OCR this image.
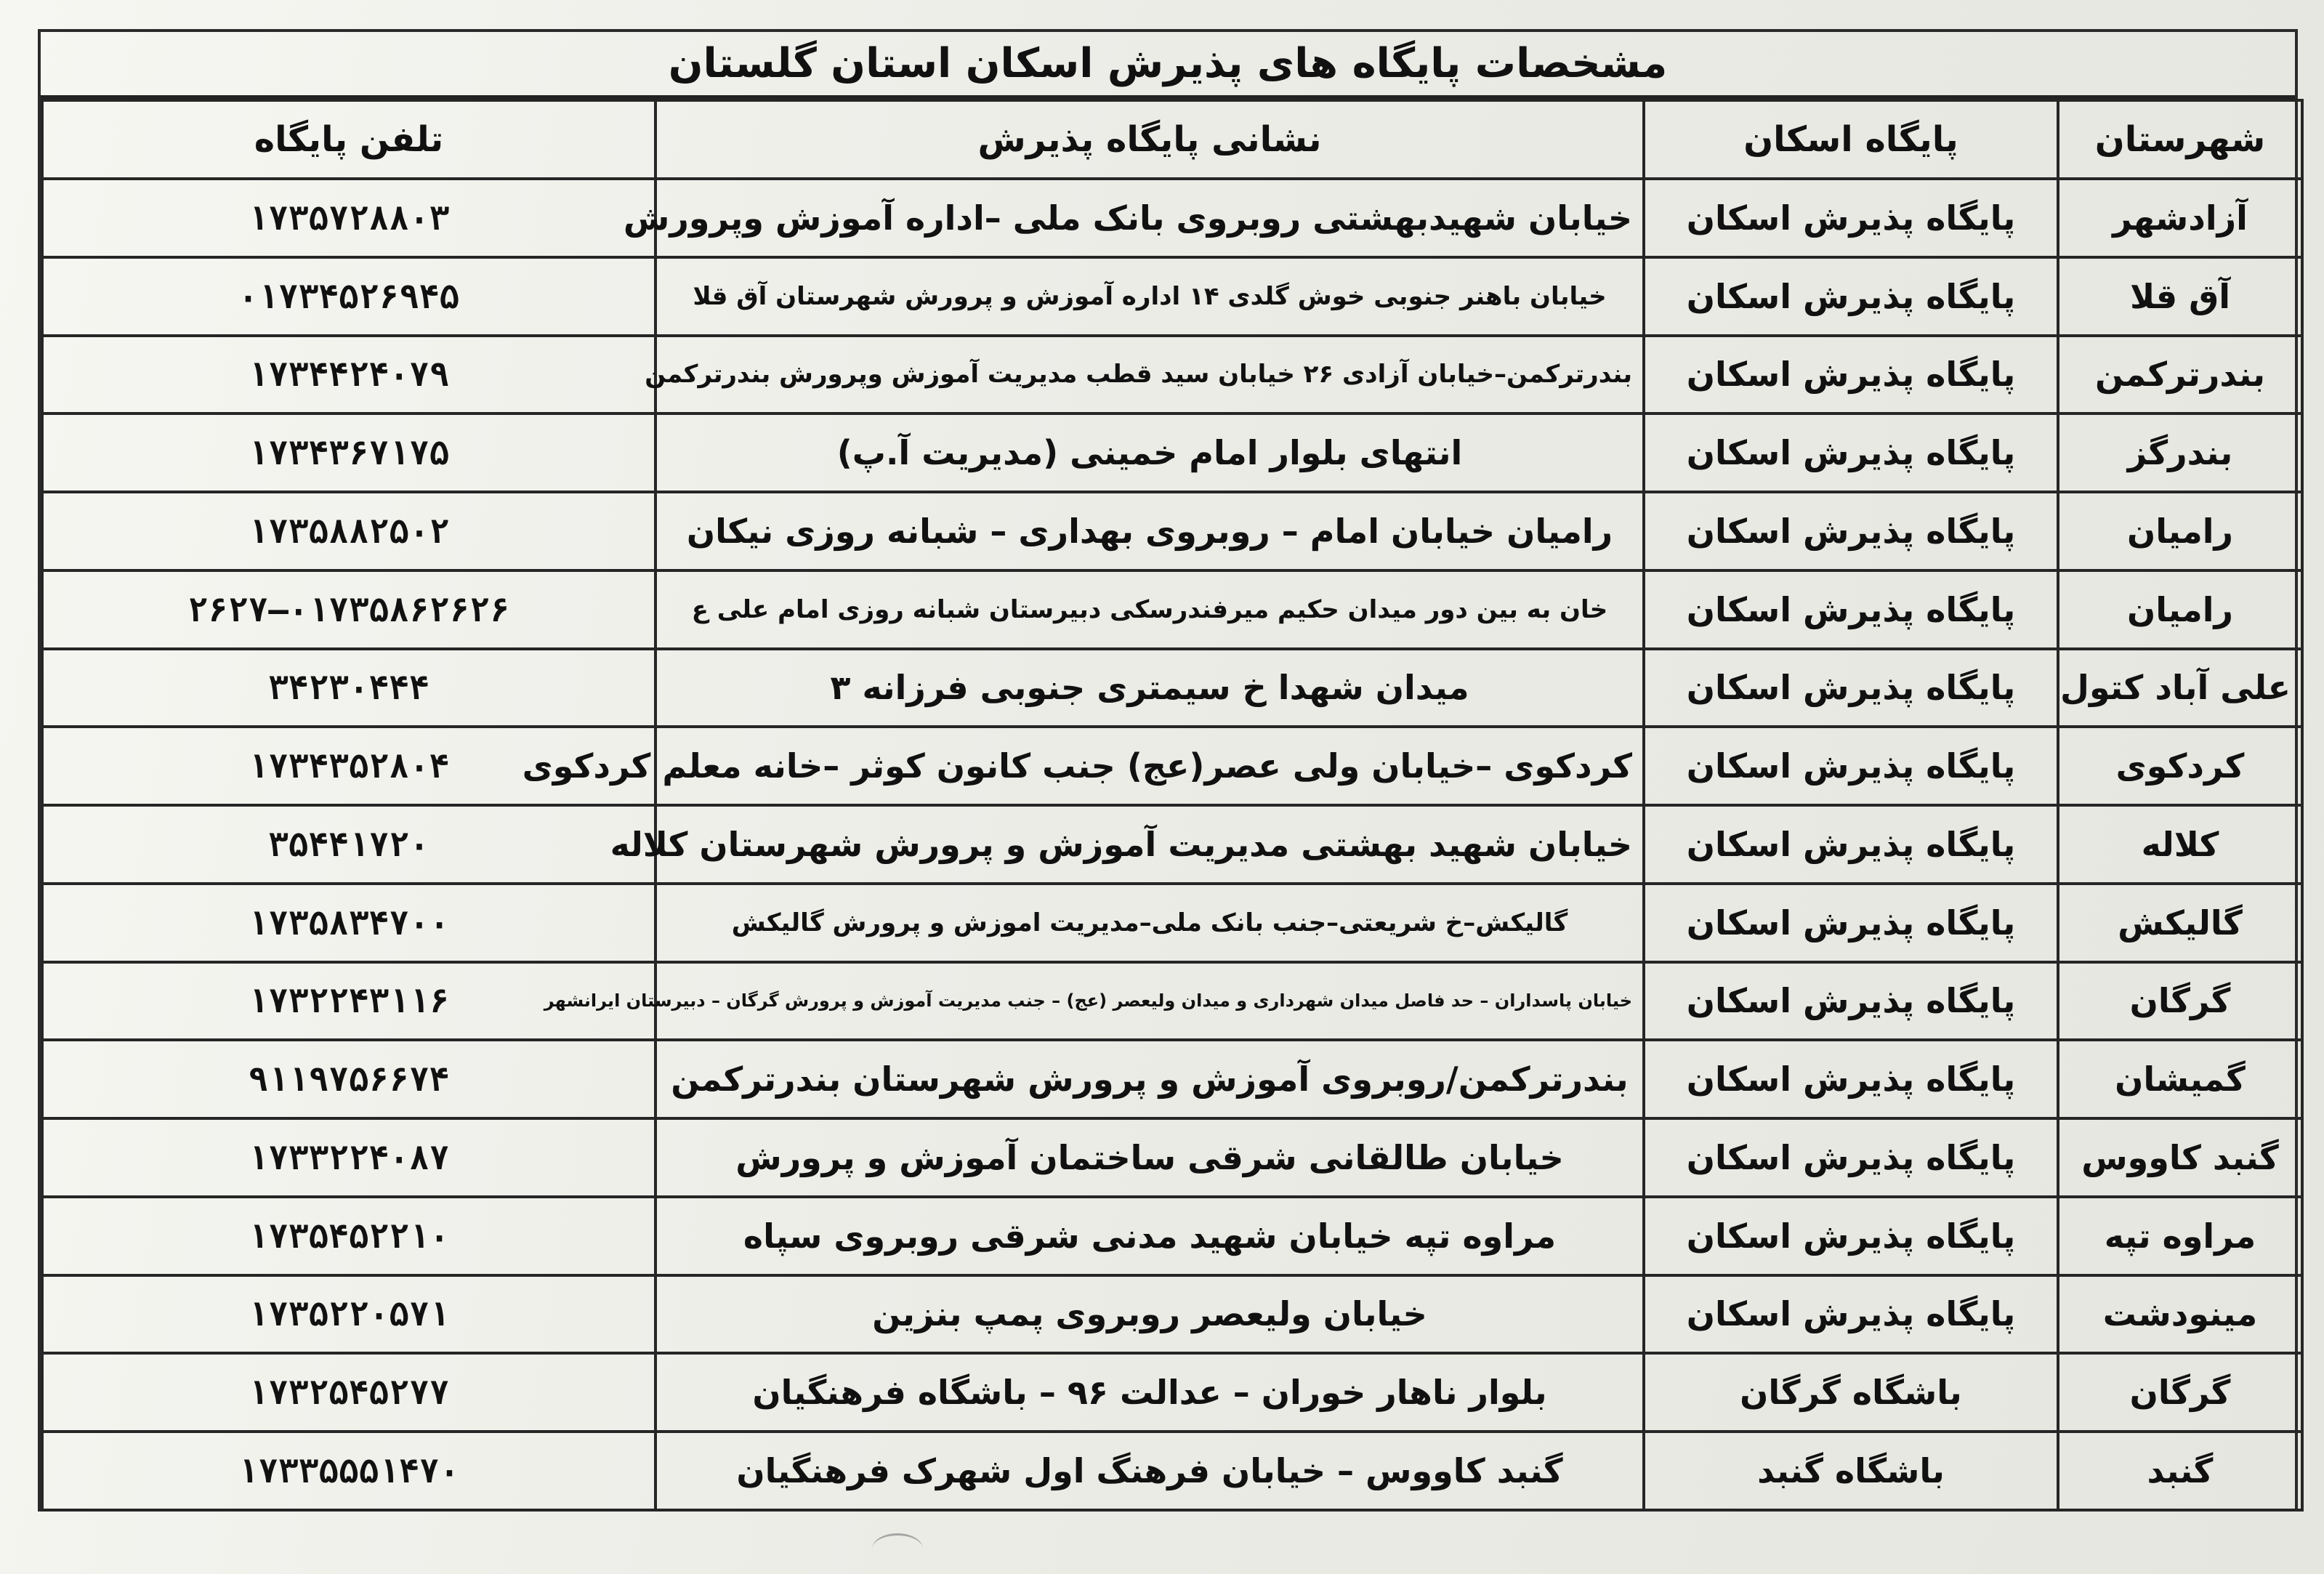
مشخصات پایگاه های پذیرش اسکان استان گلستان
شهرستان	پایگاه اسکان	نشانی پایگاه پذیرش	تلفن پایگاه
آزادشهر	پایگاه پذیرش اسکان	خیابان شهیدبهشتی روبروی بانک ملی –اداره آموزش وپرورش	۱۷۳۵۷۲۸۸۰۳
آق قلا	پایگاه پذیرش اسکان	خیابان باهنر جنوبی خوش گلدی ۱۴ اداره آموزش و پرورش شهرستان آق قلا	۰۱۷۳۴۵۲۶۹۴۵
بندرترکمن	پایگاه پذیرش اسکان	بندرترکمن–خیابان آزادی ۲۶ خیابان سید قطب مدیریت آموزش وپرورش بندرترکمن	۱۷۳۴۴۲۴۰۷۹
بندرگز	پایگاه پذیرش اسکان	انتهای بلوار امام خمینی (مدیریت آ.پ)	۱۷۳۴۳۶۷۱۷۵
رامیان	پایگاه پذیرش اسکان	رامیان خیابان امام – روبروی بهداری – شبانه روزی نیکان	۱۷۳۵۸۸۲۵۰۲
رامیان	پایگاه پذیرش اسکان	خان به بین دور میدان حکیم میرفندرسکی دبیرستان شبانه روزی امام علی ع	۰۱۷۳۵۸۶۲۶۲۶–۲۶۲۷
علی آباد کتول	پایگاه پذیرش اسکان	میدان شهدا خ سیمتری جنوبی فرزانه ۳	۳۴۲۳۰۴۴۴
کردکوی	پایگاه پذیرش اسکان	کردکوی –خیابان ولی عصر(عج) جنب کانون کوثر –خانه معلم کردکوی	۱۷۳۴۳۵۲۸۰۴
کلاله	پایگاه پذیرش اسکان	خیابان شهید بهشتی مدیریت آموزش و پرورش شهرستان کلاله	۳۵۴۴۱۷۲۰
گالیکش	پایگاه پذیرش اسکان	گالیکش–خ شریعتی–جنب بانک ملی–مدیریت اموزش و پرورش گالیکش	۱۷۳۵۸۳۴۷۰۰
گرگان	پایگاه پذیرش اسکان	خیابان پاسداران – حد فاصل میدان شهرداری و میدان ولیعصر (عج) – جنب مدیریت آموزش و پرورش گرگان – دبیرستان ایرانشهر	۱۷۳۲۲۴۳۱۱۶
گمیشان	پایگاه پذیرش اسکان	بندرترکمن/روبروی آموزش و پرورش شهرستان بندرترکمن	۹۱۱۹۷۵۶۶۷۴
گنبد کاووس	پایگاه پذیرش اسکان	خیابان طالقانی شرقی ساختمان آموزش و پرورش	۱۷۳۳۲۲۴۰۸۷
مراوه تپه	پایگاه پذیرش اسکان	مراوه تپه خیابان شهید مدنی شرقی روبروی سپاه	۱۷۳۵۴۵۲۲۱۰
مینودشت	پایگاه پذیرش اسکان	خیابان ولیعصر روبروی پمپ بنزین	۱۷۳۵۲۲۰۵۷۱
گرگان	باشگاه گرگان	بلوار ناهار خوران – عدالت ۹۶ – باشگاه فرهنگیان	۱۷۳۲۵۴۵۲۷۷
گنبد	باشگاه گنبد	گنبد کاووس – خیابان فرهنگ اول شهرک فرهنگیان	۱۷۳۳۵۵۵۱۴۷۰
